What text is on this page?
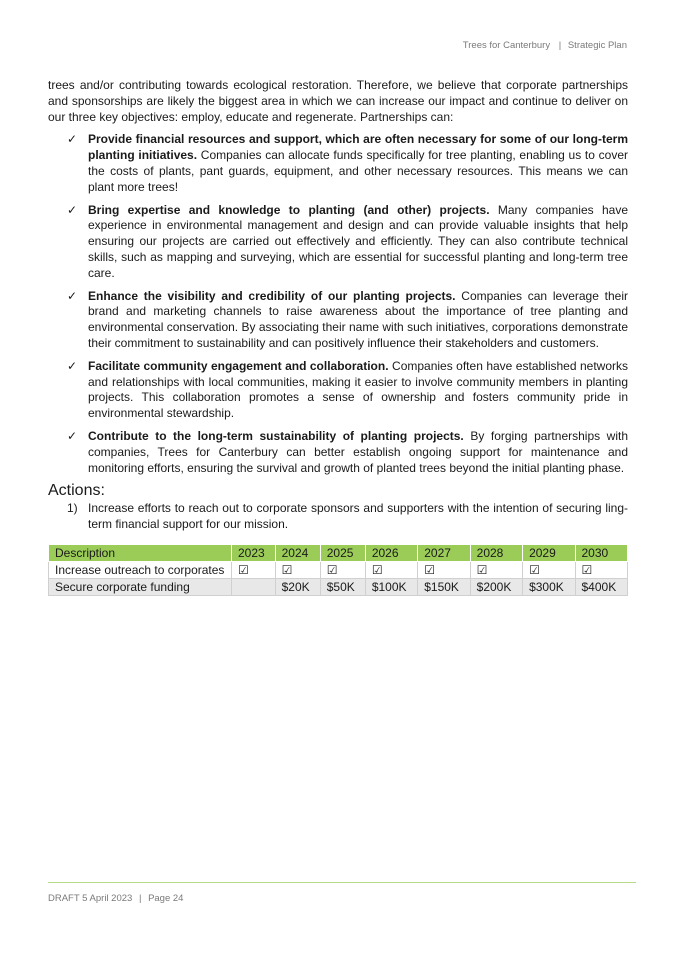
Trees for Canterbury | Strategic Plan

trees and/or contributing towards ecological restoration. Therefore, we believe that corporate partnerships and sponsorships are likely the biggest area in which we can increase our impact and continue to deliver on our three key objectives: employ, educate and regenerate. Partnerships can:

✓ Provide financial resources and support, which are often necessary for some of our long-term planting initiatives. Companies can allocate funds specifically for tree planting, enabling us to cover the costs of plants, pant guards, equipment, and other necessary resources. This means we can plant more trees!
✓ Bring expertise and knowledge to planting (and other) projects. Many companies have experience in environmental management and design and can provide valuable insights that help ensuring our projects are carried out effectively and efficiently. They can also contribute technical skills, such as mapping and surveying, which are essential for successful planting and long-term tree care.
✓ Enhance the visibility and credibility of our planting projects. Companies can leverage their brand and marketing channels to raise awareness about the importance of tree planting and environmental conservation. By associating their name with such initiatives, corporations demonstrate their commitment to sustainability and can positively influence their stakeholders and customers.
✓ Facilitate community engagement and collaboration. Companies often have established networks and relationships with local communities, making it easier to involve community members in planting projects. This collaboration promotes a sense of ownership and fosters community pride in environmental stewardship.
✓ Contribute to the long-term sustainability of planting projects. By forging partnerships with companies, Trees for Canterbury can better establish ongoing support for maintenance and monitoring efforts, ensuring the survival and growth of planted trees beyond the initial planting phase.
Actions:
1) Increase efforts to reach out to corporate sponsors and supporters with the intention of securing ling-term financial support for our mission.
Description	2023	2024	2025	2026	2027	2028	2029	2030
Increase outreach to corporates	☑	☑	☑	☑	☑	☑	☑	☑
Secure corporate funding		$20K	$50K	$100K	$150K	$200K	$300K	$400K
DRAFT 5 April 2023 | Page 24
